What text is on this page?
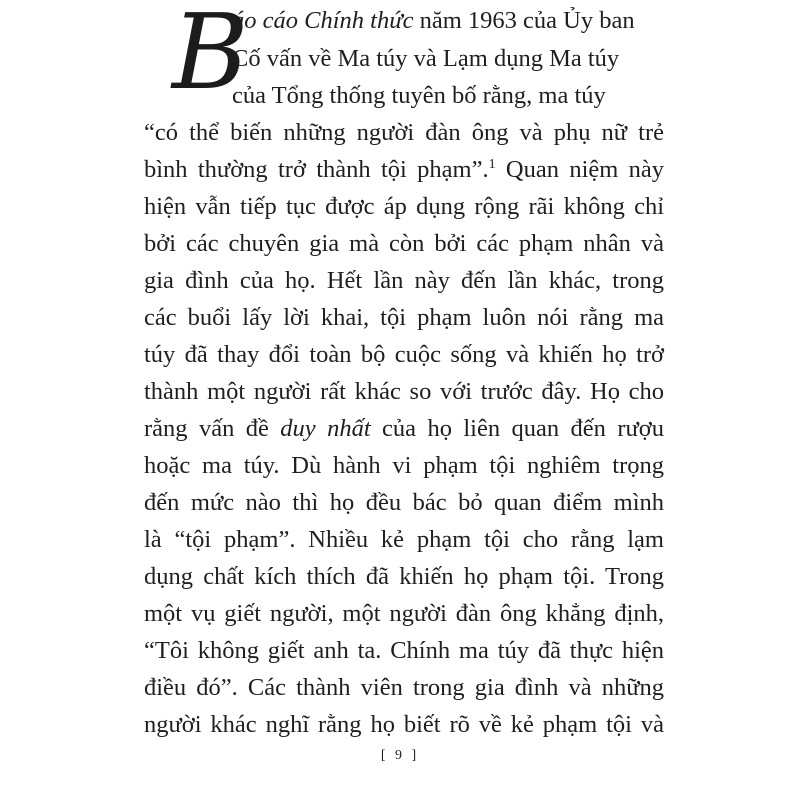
B
áo cáo Chính thức năm 1963 của Ủy ban
Cố vấn về Ma túy và Lạm dụng Ma túy
của Tổng thống tuyên bố rằng, ma túy
“có thể biến những người đàn ông và phụ nữ trẻ
bình thường trở thành tội phạm”.$^1$ Quan niệm này
hiện vẫn tiếp tục được áp dụng rộng rãi không chỉ
bởi các chuyên gia mà còn bởi các phạm nhân và
gia đình của họ. Hết lần này đến lần khác, trong
các buổi lấy lời khai, tội phạm luôn nói rằng ma
túy đã thay đổi toàn bộ cuộc sống và khiến họ trở
thành một người rất khác so với trước đây. Họ cho
rằng vấn đề duy nhất của họ liên quan đến rượu
hoặc ma túy. Dù hành vi phạm tội nghiêm trọng
đến mức nào thì họ đều bác bỏ quan điểm mình
là “tội phạm”. Nhiều kẻ phạm tội cho rằng lạm
dụng chất kích thích đã khiến họ phạm tội. Trong
một vụ giết người, một người đàn ông khẳng định,
“Tôi không giết anh ta. Chính ma túy đã thực hiện
điều đó”. Các thành viên trong gia đình và những
người khác nghĩ rằng họ biết rõ về kẻ phạm tội và
[ 9 ]
